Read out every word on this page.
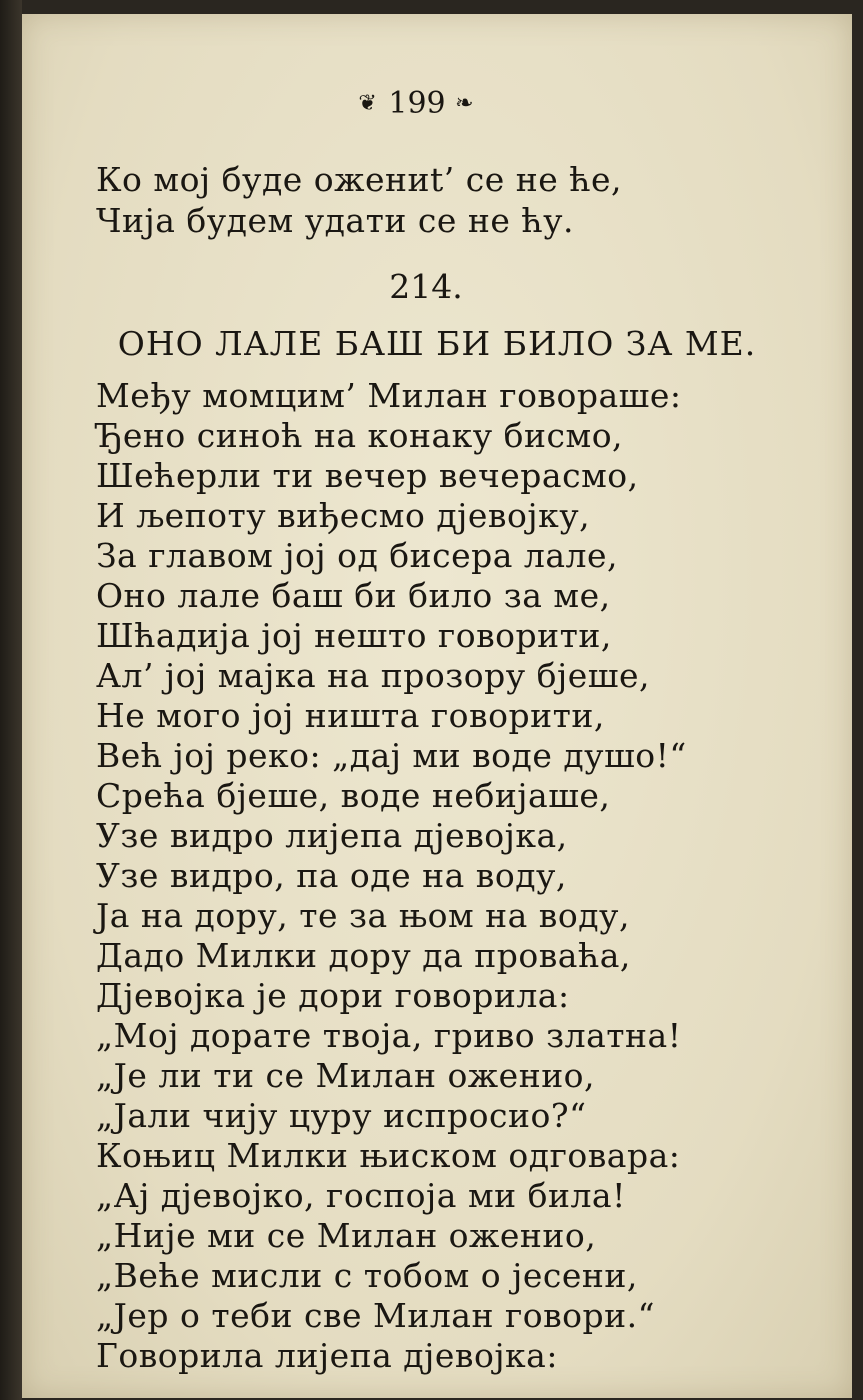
❦ 199 ❧
Ко мој буде ожениt’ се не ће,
Чија будем удати се не ћу.
214.
ОНО ЛАЛЕ БАШ БИ БИЛО ЗА МЕ.
Међу момцим’ Милан говораше:
Ђено синоћ на конаку бисмо,
Шећерли ти вечер вечерасмо,
И љепоту виђесмо дјевојку,
За главом јој од бисера лале,
Оно лале баш би било за ме,
Шћадија јој нешто говорити,
Ал’ јој мајка на прозору бјеше,
Не мого јој ништа говорити,
Већ јој реко: „дај ми воде душо!“
Срећа бјеше, воде небијаше,
Узе видро лијепа дјевојка,
Узе видро, па оде на воду,
Ја на дору, те за њом на воду,
Дадо Милки дору да проваћа,
Дјевојка је дори говорила:
„Мој дорате твоја, гриво златна!
„Је ли ти се Милан оженио,
„Јали чију цуру испросио?“
Коњиц Милки њиском одговара:
„Ај дјевојко, госпоја ми била!
„Није ми се Милан оженио,
„Веће мисли с тобом о јесени,
„Јер о теби све Милан говори.“
Говорила лијепа дјевојка:
